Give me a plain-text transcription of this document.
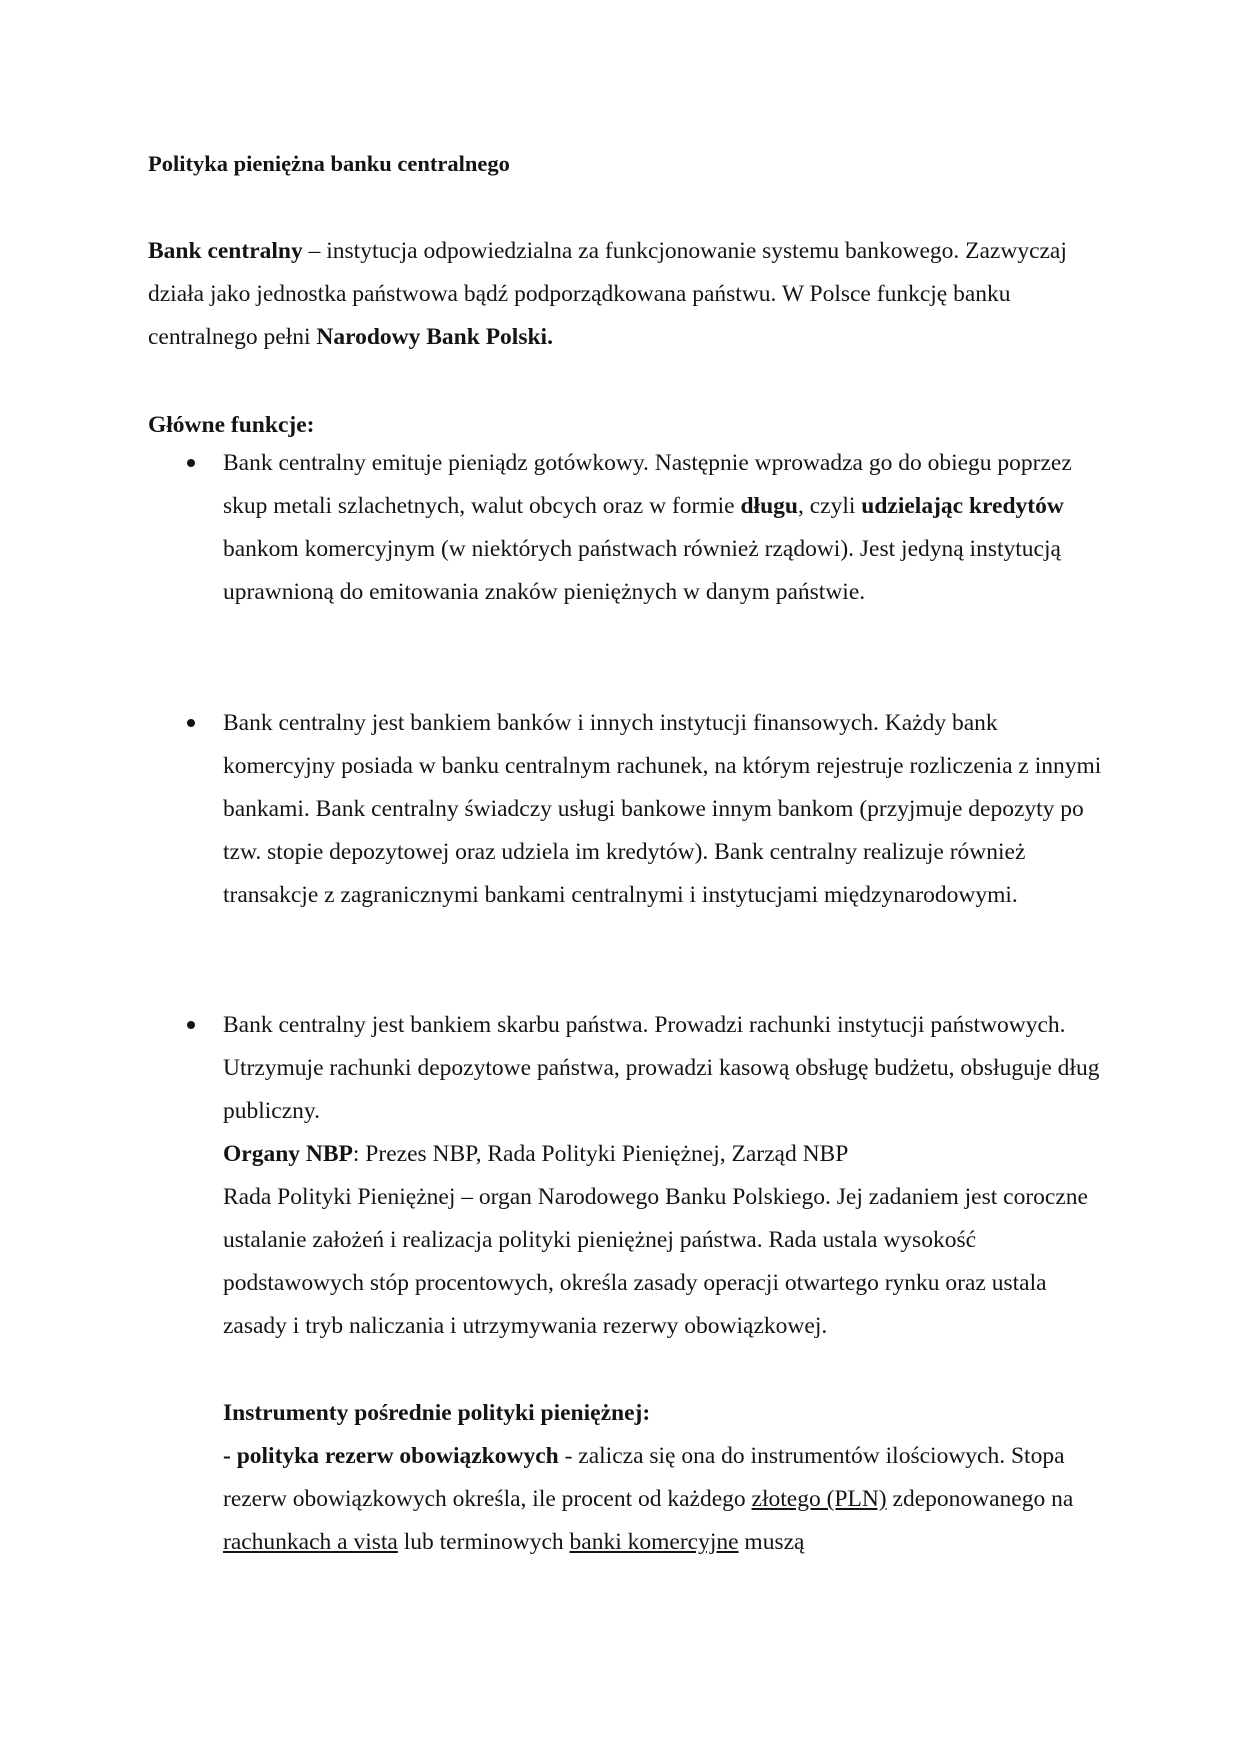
Polityka pieniężna banku centralnego

Bank centralny – instytucja odpowiedzialna za funkcjonowanie systemu bankowego. Zazwyczaj działa jako jednostka państwowa bądź podporządkowana państwu. W Polsce funkcję banku centralnego pełni Narodowy Bank Polski.

Główne funkcje:

Bank centralny emituje pieniądz gotówkowy. Następnie wprowadza go do obiegu poprzez skup metali szlachetnych, walut obcych oraz w formie długu, czyli udzielając kredytów bankom komercyjnym (w niektórych państwach również rządowi). Jest jedyną instytucją uprawnioną do emitowania znaków pieniężnych w danym państwie.

Bank centralny jest bankiem banków i innych instytucji finansowych. Każdy bank komercyjny posiada w banku centralnym rachunek, na którym rejestruje rozliczenia z innymi bankami. Bank centralny świadczy usługi bankowe innym bankom (przyjmuje depozyty po tzw. stopie depozytowej oraz udziela im kredytów). Bank centralny realizuje również transakcje z zagranicznymi bankami centralnymi i instytucjami międzynarodowymi.

Bank centralny jest bankiem skarbu państwa. Prowadzi rachunki instytucji państwowych. Utrzymuje rachunki depozytowe państwa, prowadzi kasową obsługę budżetu, obsługuje dług publiczny.

Organy NBP: Prezes NBP, Rada Polityki Pieniężnej, Zarząd NBP

Rada Polityki Pieniężnej – organ Narodowego Banku Polskiego. Jej zadaniem jest coroczne ustalanie założeń i realizacja polityki pieniężnej państwa. Rada ustala wysokość podstawowych stóp procentowych, określa zasady operacji otwartego rynku oraz ustala zasady i tryb naliczania i utrzymywania rezerwy obowiązkowej.

Instrumenty pośrednie polityki pieniężnej:

- polityka rezerw obowiązkowych - zalicza się ona do instrumentów ilościowych. Stopa rezerw obowiązkowych określa, ile procent od każdego złotego (PLN) zdeponowanego na rachunkach a vista lub terminowych banki komercyjne muszą
